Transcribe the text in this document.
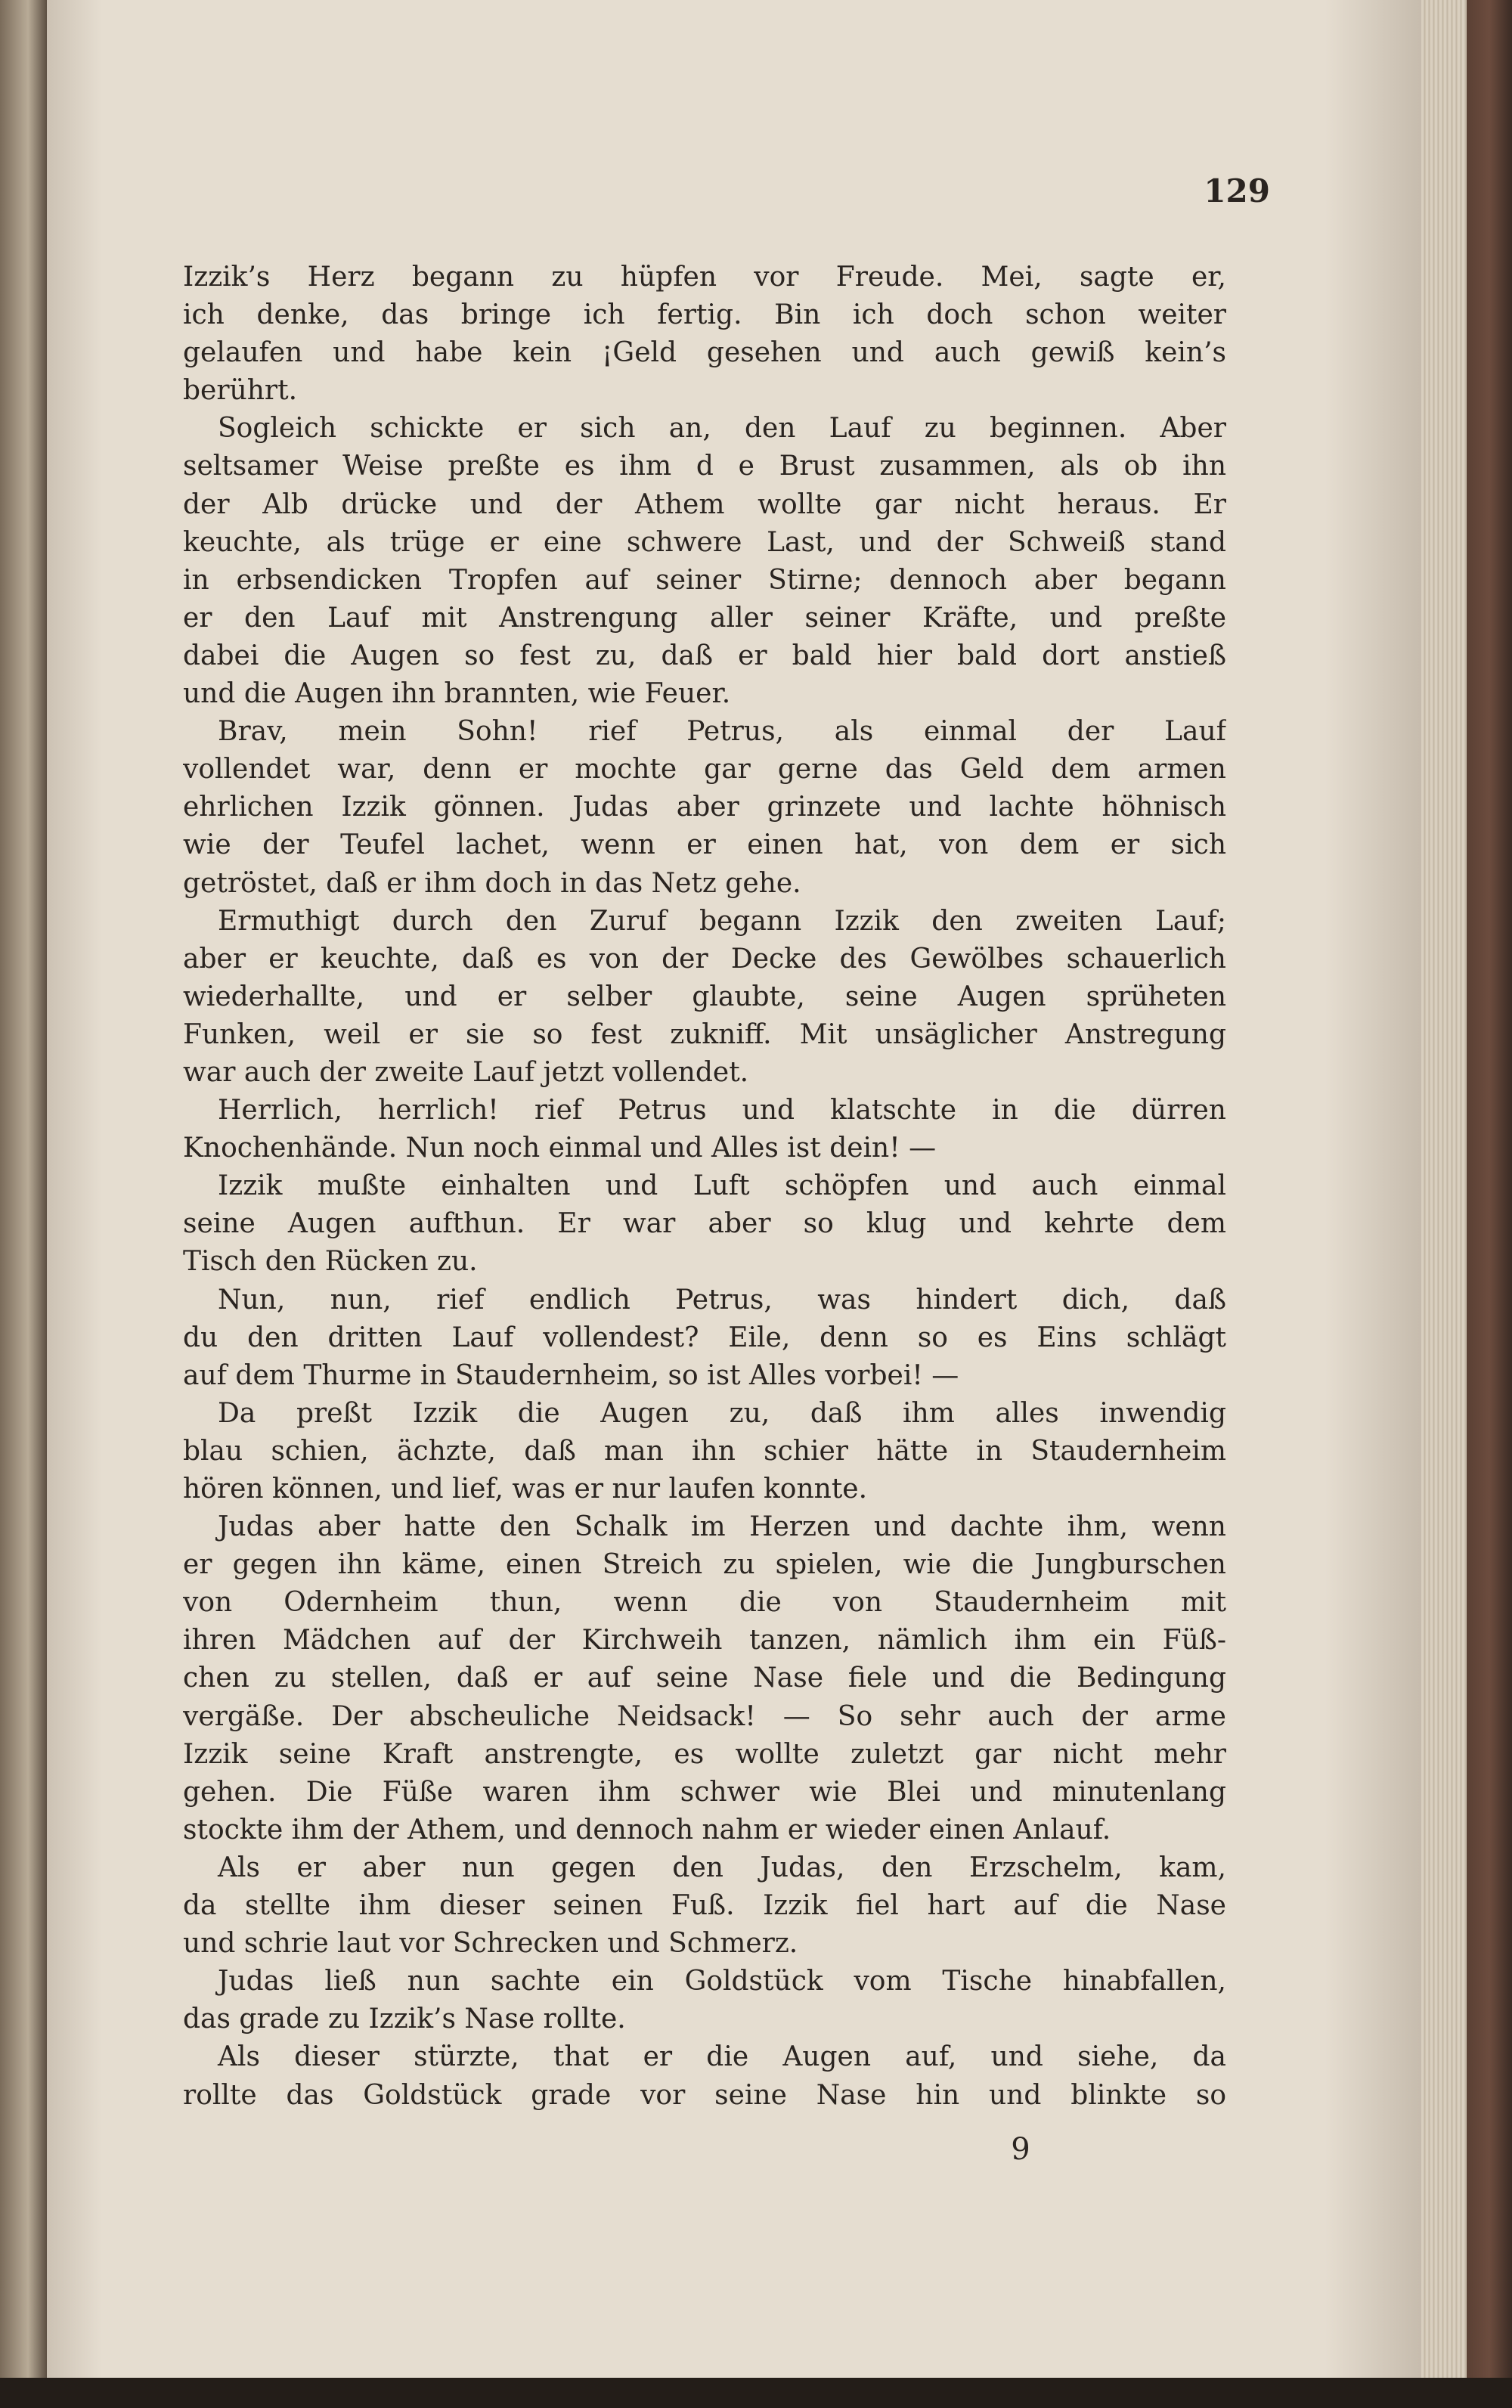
129
Izzik’s Herz begann zu hüpfen vor Freude. Mei, sagte er,
ich denke, das bringe ich fertig. Bin ich doch schon weiter
gelaufen und habe kein ¡Geld gesehen und auch gewiß kein’s
berührt.
Sogleich schickte er sich an, den Lauf zu beginnen. Aber
seltsamer Weise preßte es ihm d e Brust zusammen, als ob ihn
der Alb drücke und der Athem wollte gar nicht heraus. Er
keuchte, als trüge er eine schwere Last, und der Schweiß stand
in erbsendicken Tropfen auf seiner Stirne; dennoch aber begann
er den Lauf mit Anstrengung aller seiner Kräfte, und preßte
dabei die Augen so fest zu, daß er bald hier bald dort anstieß
und die Augen ihn brannten, wie Feuer.
Brav, mein Sohn! rief Petrus, als einmal der Lauf
vollendet war, denn er mochte gar gerne das Geld dem armen
ehrlichen Izzik gönnen. Judas aber grinzete und lachte höhnisch
wie der Teufel lachet, wenn er einen hat, von dem er sich
getröstet, daß er ihm doch in das Netz gehe.
Ermuthigt durch den Zuruf begann Izzik den zweiten Lauf;
aber er keuchte, daß es von der Decke des Gewölbes schauerlich
wiederhallte, und er selber glaubte, seine Augen sprüheten
Funken, weil er sie so fest zukniff. Mit unsäglicher Anstregung
war auch der zweite Lauf jetzt vollendet.
Herrlich, herrlich! rief Petrus und klatschte in die dürren
Knochenhände. Nun noch einmal und Alles ist dein! —
Izzik mußte einhalten und Luft schöpfen und auch einmal
seine Augen aufthun. Er war aber so klug und kehrte dem
Tisch den Rücken zu.
Nun, nun, rief endlich Petrus, was hindert dich, daß
du den dritten Lauf vollendest? Eile, denn so es Eins schlägt
auf dem Thurme in Staudernheim, so ist Alles vorbei! —
Da preßt Izzik die Augen zu, daß ihm alles inwendig
blau schien, ächzte, daß man ihn schier hätte in Staudernheim
hören können, und lief, was er nur laufen konnte.
Judas aber hatte den Schalk im Herzen und dachte ihm, wenn
er gegen ihn käme, einen Streich zu spielen, wie die Jungburschen
von Odernheim thun, wenn die von Staudernheim mit
ihren Mädchen auf der Kirchweih tanzen, nämlich ihm ein Füß-
chen zu stellen, daß er auf seine Nase fiele und die Bedingung
vergäße. Der abscheuliche Neidsack! — So sehr auch der arme
Izzik seine Kraft anstrengte, es wollte zuletzt gar nicht mehr
gehen. Die Füße waren ihm schwer wie Blei und minutenlang
stockte ihm der Athem, und dennoch nahm er wieder einen Anlauf.
Als er aber nun gegen den Judas, den Erzschelm, kam,
da stellte ihm dieser seinen Fuß. Izzik fiel hart auf die Nase
und schrie laut vor Schrecken und Schmerz.
Judas ließ nun sachte ein Goldstück vom Tische hinabfallen,
das grade zu Izzik’s Nase rollte.
Als dieser stürzte, that er die Augen auf, und siehe, da
rollte das Goldstück grade vor seine Nase hin und blinkte so
9
